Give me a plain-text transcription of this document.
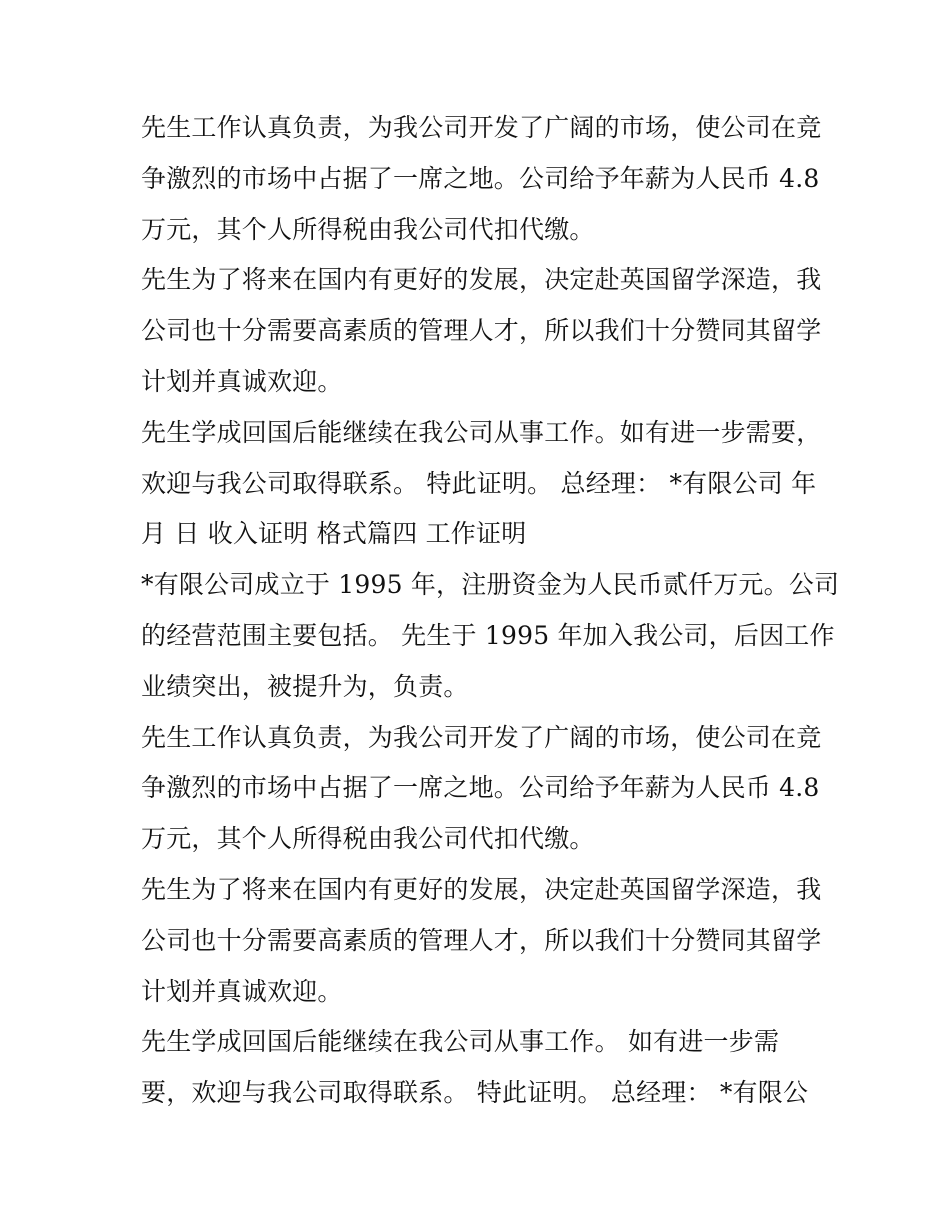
先生工作认真负责，为我公司开发了广阔的市场，使公司在竞
争激烈的市场中占据了一席之地。公司给予年薪为人民币 4.8
万元，其个人所得税由我公司代扣代缴。
先生为了将来在国内有更好的发展，决定赴英国留学深造，我
公司也十分需要高素质的管理人才，所以我们十分赞同其留学
计划并真诚欢迎。
先生学成回国后能继续在我公司从事工作。如有进一步需要，
欢迎与我公司取得联系。 特此证明。 总经理： *有限公司 年
月 日 收入证明 格式篇四 工作证明
*有限公司成立于 1995 年，注册资金为人民币贰仟万元。公司
的经营范围主要包括。 先生于 1995 年加入我公司，后因工作
业绩突出，被提升为，负责。
先生工作认真负责，为我公司开发了广阔的市场，使公司在竞
争激烈的市场中占据了一席之地。公司给予年薪为人民币 4.8
万元，其个人所得税由我公司代扣代缴。
先生为了将来在国内有更好的发展，决定赴英国留学深造，我
公司也十分需要高素质的管理人才，所以我们十分赞同其留学
计划并真诚欢迎。
先生学成回国后能继续在我公司从事工作。 如有进一步需
要，欢迎与我公司取得联系。 特此证明。 总经理： *有限公
